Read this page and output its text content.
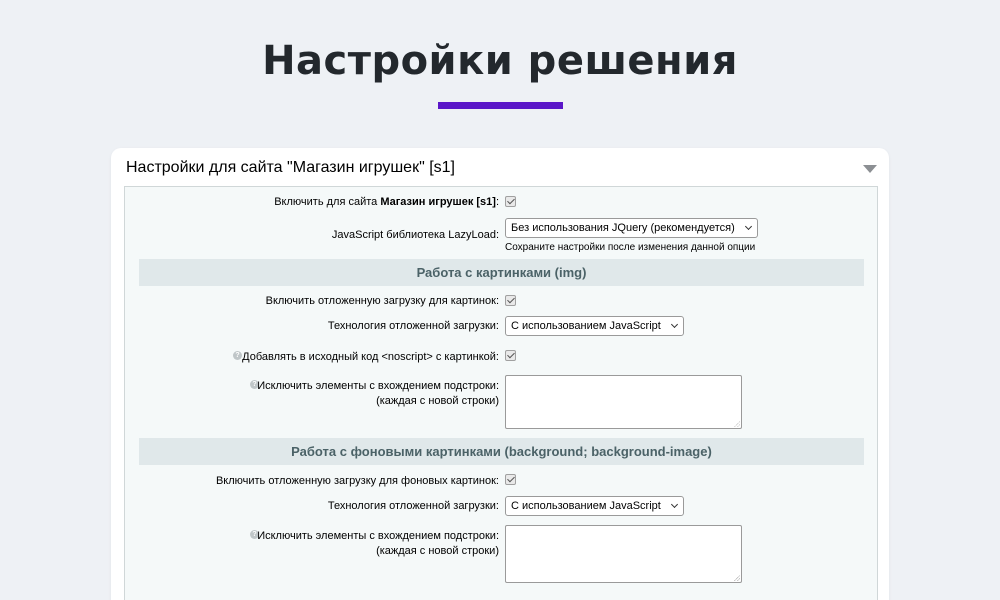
Настройки решения
Настройки для сайта "Магазин игрушек" [s1]
Включить для сайта Магазин игрушек [s1]:
JavaScript библиотека LazyLoad:
Без использования JQuery (рекомендуется)
Сохраните настройки после изменения данной опции
Работа с картинками (img)
Включить отложенную загрузку для картинок:
Технология отложенной загрузки:	С использованием JavaScript
? Добавлять в исходный код <noscript> с картинкой:
? Исключить элементы с вхождением подстроки:
(каждая с новой строки)
Работа с фоновыми картинками (background; background-image)
Включить отложенную загрузку для фоновых картинок:
Технология отложенной загрузки:	С использованием JavaScript
? Исключить элементы с вхождением подстроки:
(каждая с новой строки)
